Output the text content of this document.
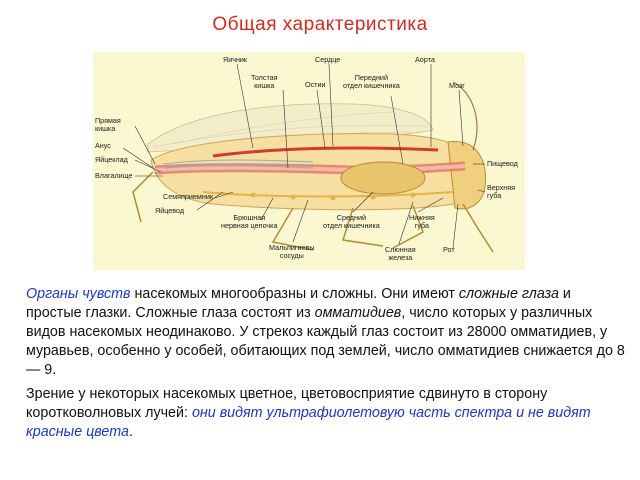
Общая характеристика
Яичник	Сердце	Аорта
Толстая
кишка	Остии
Передний
отдел кишечника	Мозг
Прямая
кишка
Анус
Яйцеклад
Влагалище
Семяприемник
Яйцевод
Брюшная
нервная цепочка
Мальпигиевы
сосуды
Средний
отдел кишечника
Нижняя
губа
Слюнная
железа
Рот
Пищевод
Верхняя
губа
Органы чувств насекомых многообразны и сложны. Они имеют сложные глаза и простые глазки. Сложные глаза состоят из омматидиев, число которых у различных видов насекомых неодинаково. У стрекоз каждый глаз состоит из 28000 омматидиев, у муравьев, особенно у особей, обитающих под землей, число омматидиев снижается до 8 — 9.
Зрение у некоторых насекомых цветное, цветовосприятие сдвинуто в сторону коротковолновых лучей: они видят ультрафиолетовую часть спектра и не видят красные цвета.
